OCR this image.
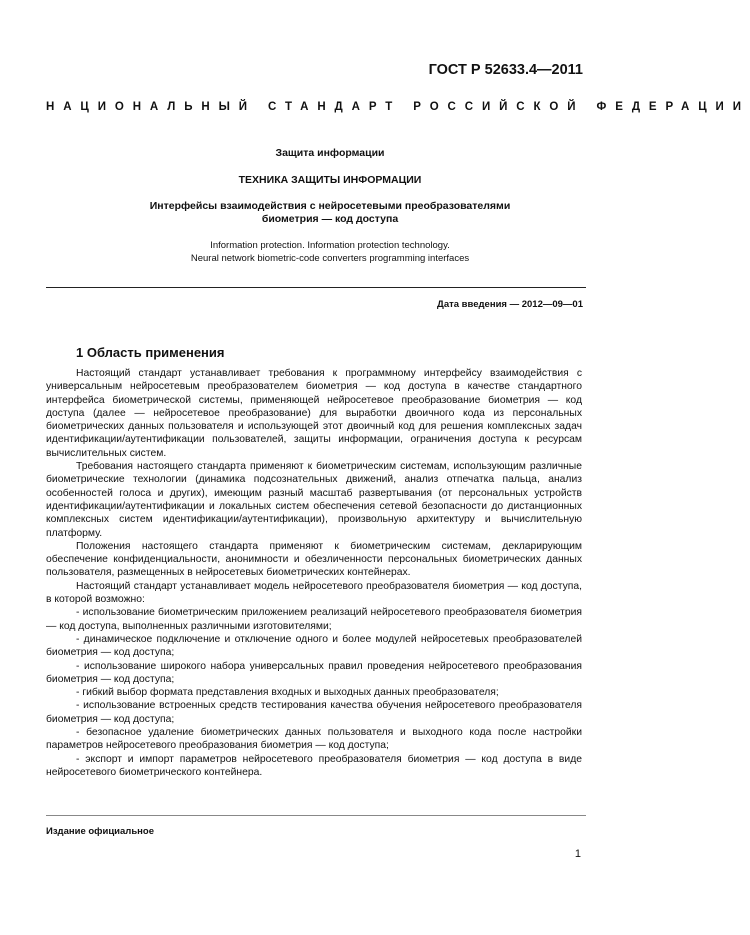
ГОСТ Р 52633.4—2011
НАЦИОНАЛЬНЫЙ СТАНДАРТ РОССИЙСКОЙ ФЕДЕРАЦИИ
Защита информации
ТЕХНИКА ЗАЩИТЫ ИНФОРМАЦИИ
Интерфейсы взаимодействия с нейросетевыми преобразователями
биометрия — код доступа
Information protection. Information protection technology.
Neural network biometric-code converters programming interfaces
Дата введения — 2012—09—01
1 Область применения

Настоящий стандарт устанавливает требования к программному интерфейсу взаимодействия с универсальным нейросетевым преобразователем биометрия — код доступа в качестве стандартного интерфейса биометрической системы, применяющей нейросетевое преобразование биометрия — код доступа (далее — нейросетевое преобразование) для выработки двоичного кода из персональных биометрических данных пользователя и использующей этот двоичный код для решения комплексных задач идентификации/аутентификации пользователей, защиты информации, ограничения доступа к ресурсам вычислительных систем.

Требования настоящего стандарта применяют к биометрическим системам, использующим различные биометрические технологии (динамика подсознательных движений, анализ отпечатка пальца, анализ особенностей голоса и других), имеющим разный масштаб развертывания (от персональных устройств идентификации/аутентификации и локальных систем обеспечения сетевой безопасности до дистанционных комплексных систем идентификации/аутентификации), произвольную архитектуру и вычислительную платформу.

Положения настоящего стандарта применяют к биометрическим системам, декларирующим обеспечение конфиденциальности, анонимности и обезличенности персональных биометрических данных пользователя, размещенных в нейросетевых биометрических контейнерах.

Настоящий стандарт устанавливает модель нейросетевого преобразователя биометрия — код доступа, в которой возможно:

- использование биометрическим приложением реализаций нейросетевого преобразователя биометрия — код доступа, выполненных различными изготовителями;

- динамическое подключение и отключение одного и более модулей нейросетевых преобразователей биометрия — код доступа;

- использование широкого набора универсальных правил проведения нейросетевого преобразования биометрия — код доступа;

- гибкий выбор формата представления входных и выходных данных преобразователя;

- использование встроенных средств тестирования качества обучения нейросетевого преобразователя биометрия — код доступа;

- безопасное удаление биометрических данных пользователя и выходного кода после настройки параметров нейросетевого преобразования биометрия — код доступа;

- экспорт и импорт параметров нейросетевого преобразователя биометрия — код доступа в виде нейросетевого биометрического контейнера.

Издание официальное
1
